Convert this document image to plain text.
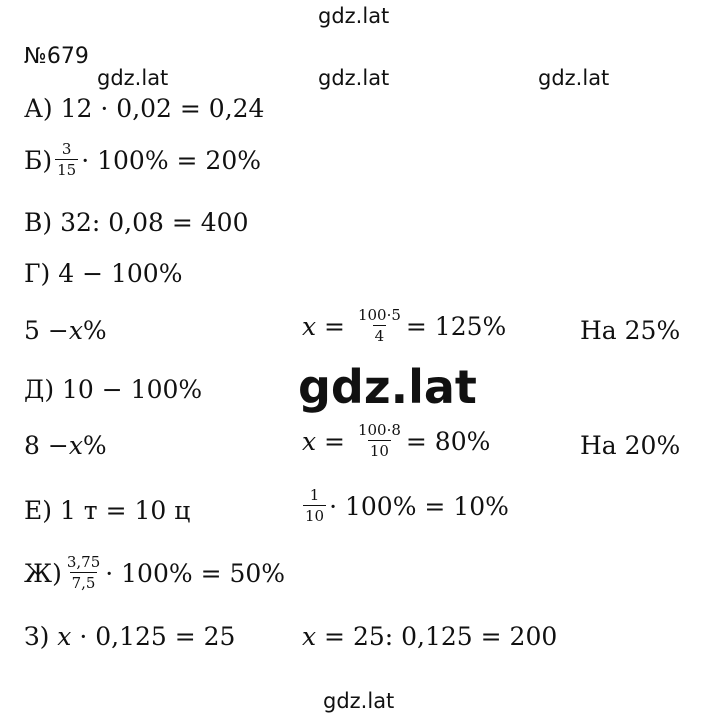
gdz.lat
gdz.lat	gdz.lat	gdz.lat
gdz.lat
gdz.lat
№679
А) 12 · 0,02 = 0,24
$Б) \frac{3}{15} \cdot 100\% = 20\%$
В) 32: 0,08 = 400
Г) 4 − 100%
5 − x %	$x = \frac{100\cdot 5}{4} = 125\%$	На 25%
Д) 10 − 100%
8 − x %	$x = \frac{100\cdot 8}{10} = 80\%$	На 20%
Е) 1 т = 10 ц	$\frac{1}{10} \cdot 100\% = 10\%$
$Ж) \frac{3,75}{7,5} \cdot 100\% = 50\%$
З) x · 0,125 = 25	x = 25: 0,125 = 200
